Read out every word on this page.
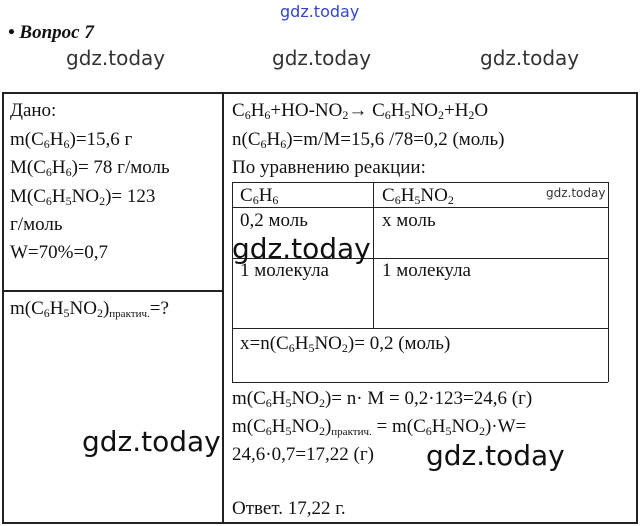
gdz.today
gdz.today	gdz.today	gdz.today
• Вопрос 7
Дано:
$m(C_6H_6)=15,6$ г
$M(C_6H_6)= 78$ г/моль
$M(C_6H_5NO_2)= 123$
г/моль
W=70%=0,7
$m(C_6H_5NO_2)_{практич.}=$?
$C_6H_6+HO-NO_2\to C_6H_5NO_2+H_2O$
$n(C_6H_6)=m/M=15,6$ /78=0,2 (моль)
По уравнению реакции:
$C_6H_6$	$C_6H_5NO_2$
0,2 моль	x моль
1 молекула	1 молекула
$x=n(C_6H_5NO_2)= 0,2$ (моль)
$m(C_6H_5NO_2)= n\cdot M = 0,2\cdot 123=24,6$ (г)
$m(C_6H_5NO_2)_{практич.} = m(C_6H_5NO_2)\cdot W=$
24,6·0,7=17,22 (г)
Ответ. 17,22 г.
gdz.today
gdz.today
gdz.today	gdz.today
